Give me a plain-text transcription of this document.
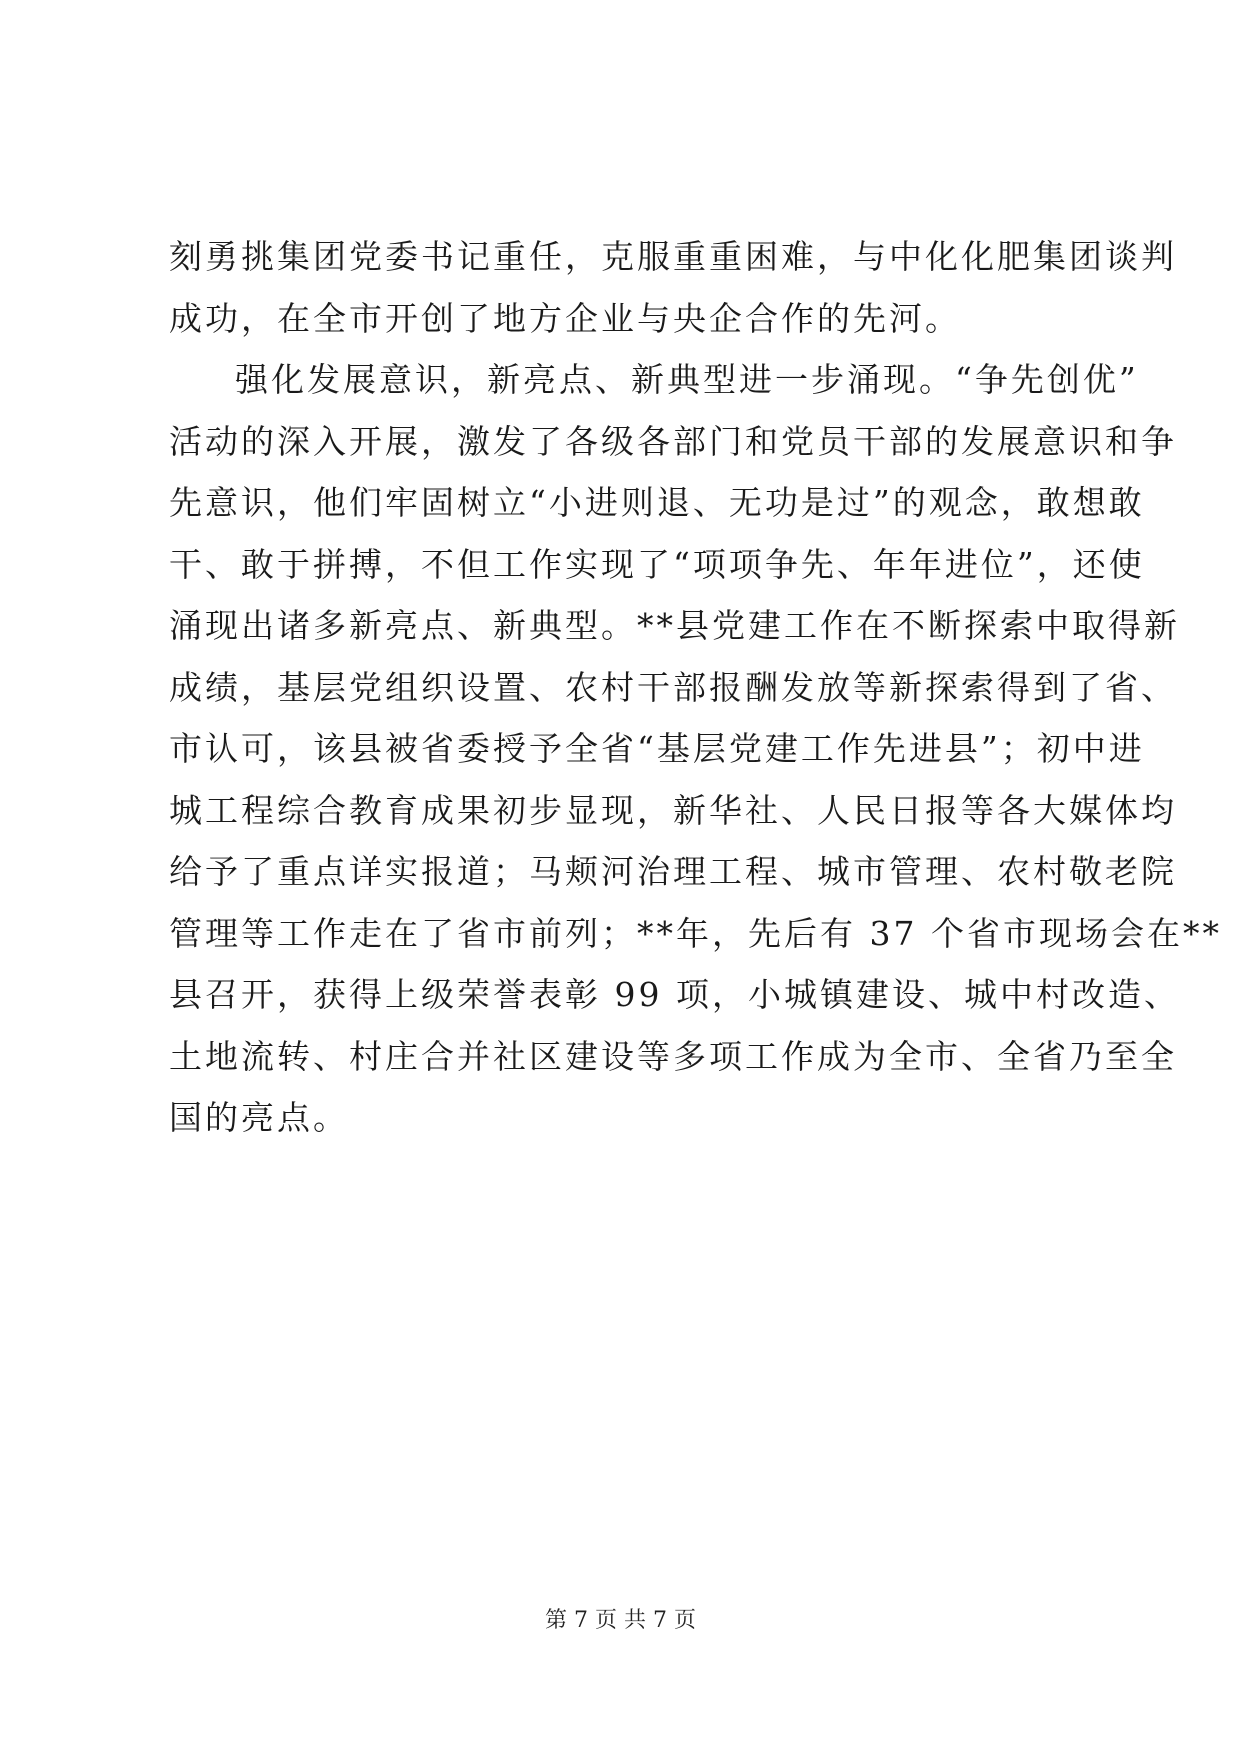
刻勇挑集团党委书记重任，克服重重困难，与中化化肥集团谈判
成功，在全市开创了地方企业与央企合作的先河。
强化发展意识，新亮点、新典型进一步涌现。“争先创优”
活动的深入开展，激发了各级各部门和党员干部的发展意识和争
先意识，他们牢固树立“小进则退、无功是过”的观念，敢想敢
干、敢于拼搏，不但工作实现了“项项争先、年年进位”，还使
涌现出诸多新亮点、新典型。**县党建工作在不断探索中取得新
成绩，基层党组织设置、农村干部报酬发放等新探索得到了省、
市认可，该县被省委授予全省“基层党建工作先进县”；初中进
城工程综合教育成果初步显现，新华社、人民日报等各大媒体均
给予了重点详实报道；马颊河治理工程、城市管理、农村敬老院
管理等工作走在了省市前列；**年，先后有 37 个省市现场会在**
县召开，获得上级荣誉表彰 99 项，小城镇建设、城中村改造、
土地流转、村庄合并社区建设等多项工作成为全市、全省乃至全
国的亮点。
第 7 页 共 7 页
